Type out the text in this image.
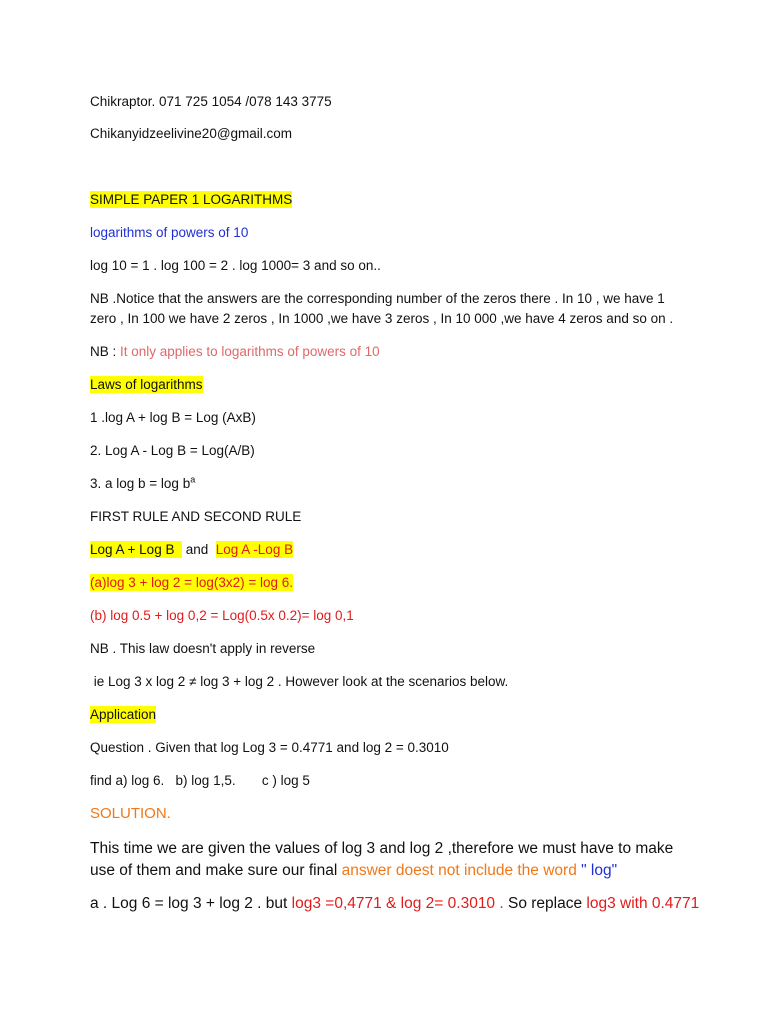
Chikraptor. 071 725 1054 /078 143 3775
Chikanyidzeelivine20@gmail.com
SIMPLE PAPER 1 LOGARITHMS
logarithms of powers of 10
log 10 = 1 . log 100 = 2 . log 1000= 3 and so on..
NB .Notice that the answers are the corresponding number of the zeros there . In 10 , we have 1 zero , In 100 we have 2 zeros , In 1000 ,we have 3 zeros , In 10 000 ,we have 4 zeros and so on .
NB : It only applies to logarithms of powers of 10
Laws of logarithms
1 .log A + log B = Log (AxB)
2. Log A - Log B = Log(A/B)
3. a $\log b = \log b^a$
FIRST RULE AND SECOND RULE
Log A + Log B   and  Log A -Log B
(a)log 3 + log 2 = log(3x2) = log 6.
(b) log 0.5 + log 0,2 = Log(0.5x 0.2)= log 0,1
NB . This law doesn't apply in reverse
ie Log 3 x log 2 ≠ log 3 + log 2 . However look at the scenarios below.
Application
Question . Given that log Log 3 = 0.4771 and log 2 = 0.3010
find a) log 6.   b) log 1,5.       c ) log 5
SOLUTION.
This time we are given the values of log 3 and log 2 ,therefore we must have to make use of them and make sure our final answer doest not include the word " log"
a . Log 6 = log 3 + log 2 . but log3 =0,4771 & log 2= 0.3010 . So replace log3 with 0.4771
